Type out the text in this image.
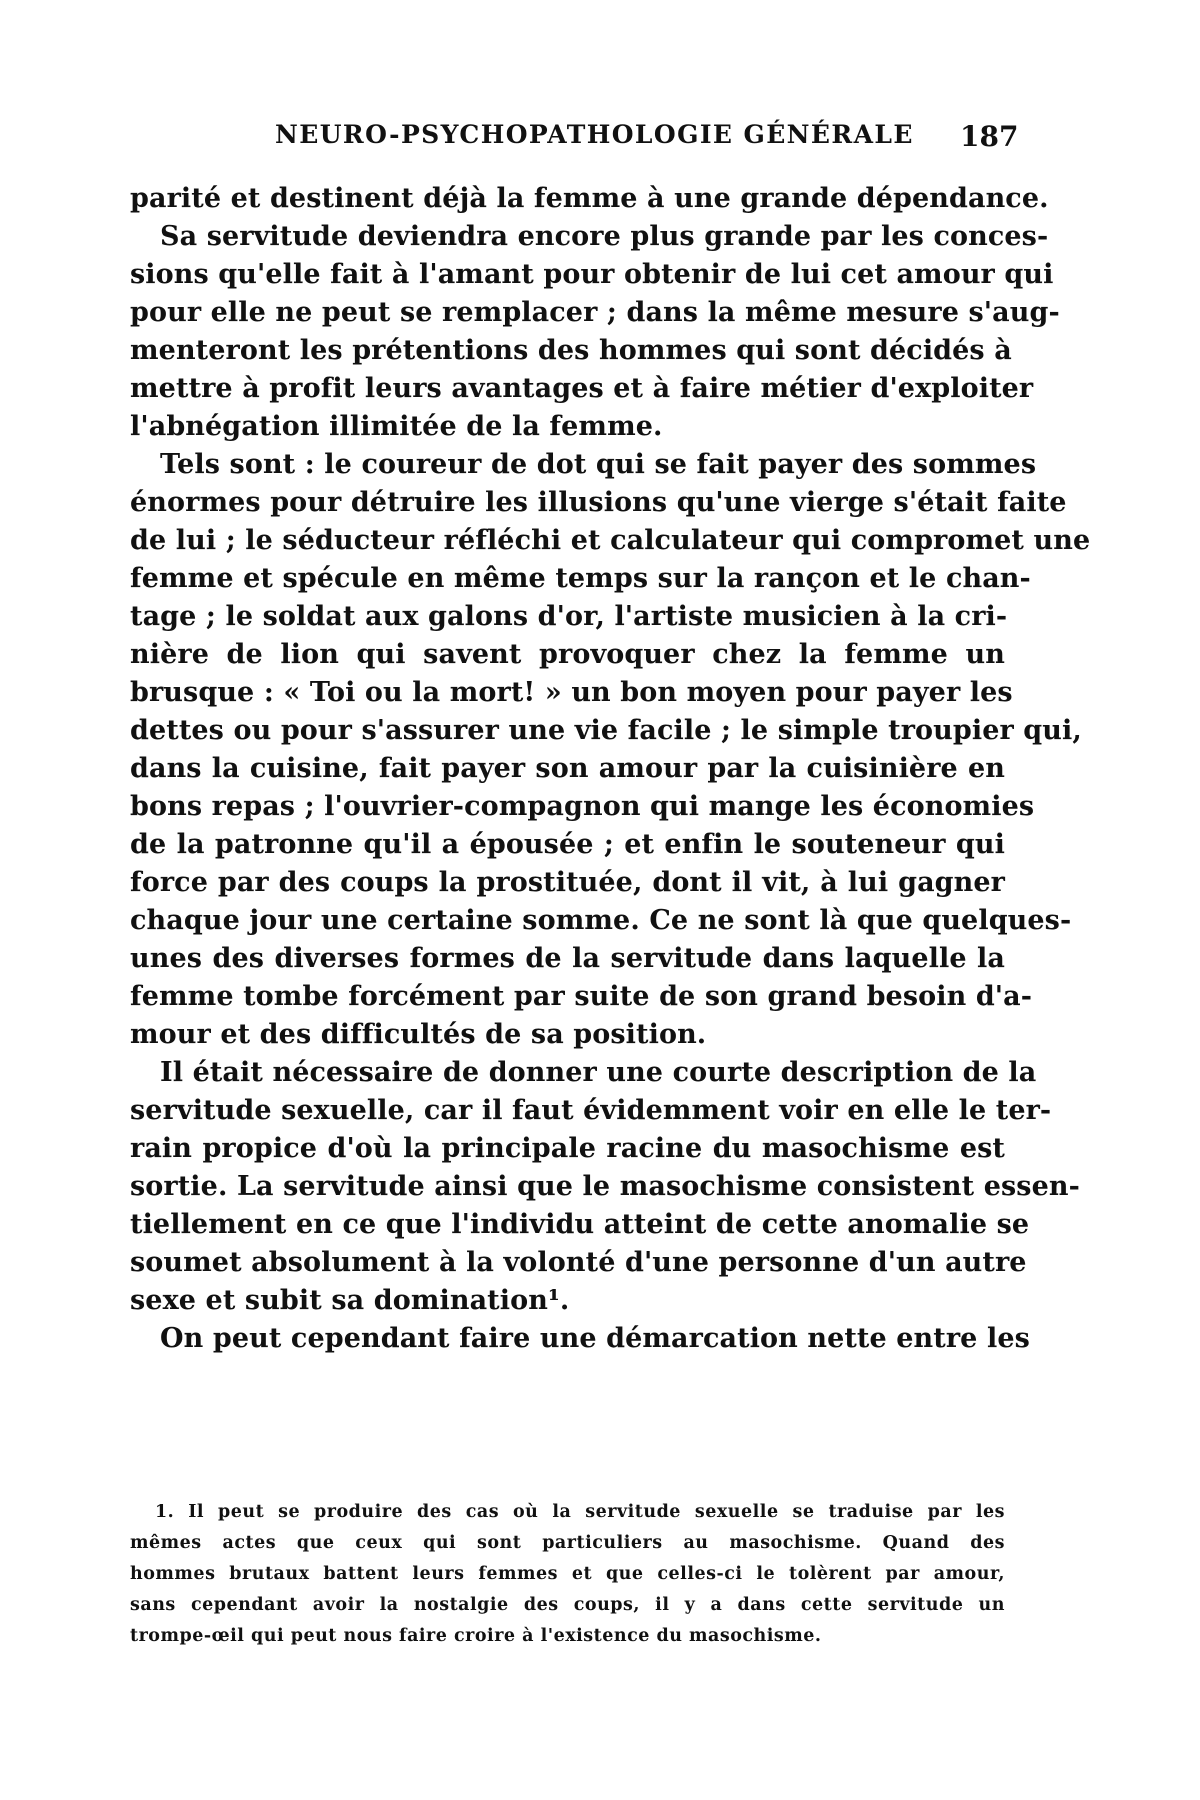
NEURO-PSYCHOPATHOLOGIE GÉNÉRALE 187
parité et destinent déjà la femme à une grande dépendance.
Sa servitude deviendra encore plus grande par les conces-
sions qu'elle fait à l'amant pour obtenir de lui cet amour qui
pour elle ne peut se remplacer ; dans la même mesure s'aug-
menteront les prétentions des hommes qui sont décidés à
mettre à profit leurs avantages et à faire métier d'exploiter
l'abnégation illimitée de la femme.
Tels sont : le coureur de dot qui se fait payer des sommes
énormes pour détruire les illusions qu'une vierge s'était faite
de lui ; le séducteur réfléchi et calculateur qui compromet une
femme et spécule en même temps sur la rançon et le chan-
tage ; le soldat aux galons d'or, l'artiste musicien à la cri-
nière de lion qui savent provoquer chez la femme un
brusque : « Toi ou la mort! » un bon moyen pour payer les
dettes ou pour s'assurer une vie facile ; le simple troupier qui,
dans la cuisine, fait payer son amour par la cuisinière en
bons repas ; l'ouvrier-compagnon qui mange les économies
de la patronne qu'il a épousée ; et enfin le souteneur qui
force par des coups la prostituée, dont il vit, à lui gagner
chaque jour une certaine somme. Ce ne sont là que quelques-
unes des diverses formes de la servitude dans laquelle la
femme tombe forcément par suite de son grand besoin d'a-
mour et des difficultés de sa position.
Il était nécessaire de donner une courte description de la
servitude sexuelle, car il faut évidemment voir en elle le ter-
rain propice d'où la principale racine du masochisme est
sortie. La servitude ainsi que le masochisme consistent essen-
tiellement en ce que l'individu atteint de cette anomalie se
soumet absolument à la volonté d'une personne d'un autre
sexe et subit sa domination¹.
On peut cependant faire une démarcation nette entre les
1. Il peut se produire des cas où la servitude sexuelle se traduise par les
mêmes actes que ceux qui sont particuliers au masochisme. Quand des
hommes brutaux battent leurs femmes et que celles-ci le tolèrent par amour,
sans cependant avoir la nostalgie des coups, il y a dans cette servitude un
trompe-œil qui peut nous faire croire à l'existence du masochisme.
